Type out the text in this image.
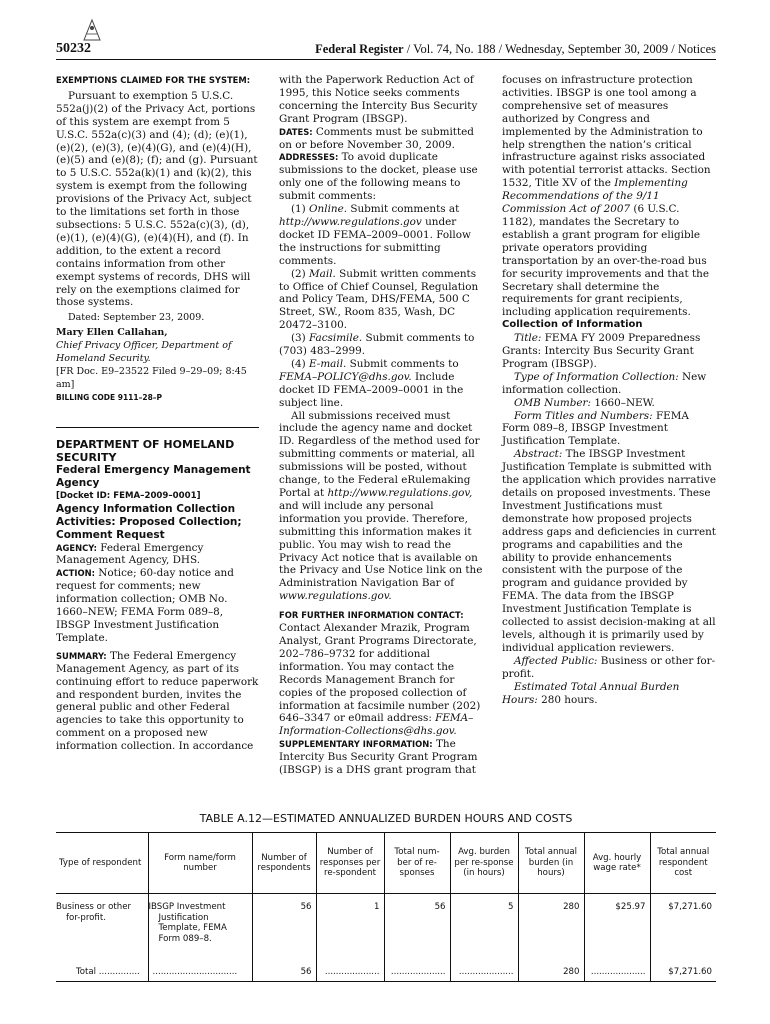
50232	Federal Register / Vol. 74, No. 188 / Wednesday, September 30, 2009 / Notices

EXEMPTIONS CLAIMED FOR THE SYSTEM:

Pursuant to exemption 5 U.S.C. 552a(j)(2) of the Privacy Act, portions of this system are exempt from 5 U.S.C. 552a(c)(3) and (4); (d); (e)(1), (e)(2), (e)(3), (e)(4)(G), and (e)(4)(H), (e)(5) and (e)(8); (f); and (g). Pursuant to 5 U.S.C. 552a(k)(1) and (k)(2), this system is exempt from the following provisions of the Privacy Act, subject to the limitations set forth in those subsections: 5 U.S.C. 552a(c)(3), (d), (e)(1), (e)(4)(G), (e)(4)(H), and (f). In addition, to the extent a record contains information from other exempt systems of records, DHS will rely on the exemptions claimed for those systems.

Dated: September 23, 2009.

Mary Ellen Callahan,

Chief Privacy Officer, Department of Homeland Security.

[FR Doc. E9–23522 Filed 9–29–09; 8:45 am]

BILLING CODE 9111–28–P

DEPARTMENT OF HOMELAND SECURITY

Federal Emergency Management Agency

[Docket ID: FEMA–2009–0001]

Agency Information Collection Activities: Proposed Collection; Comment Request

AGENCY: Federal Emergency Management Agency, DHS.

ACTION: Notice; 60-day notice and request for comments; new information collection; OMB No. 1660–NEW; FEMA Form 089–8, IBSGP Investment Justification Template.

SUMMARY: The Federal Emergency Management Agency, as part of its continuing effort to reduce paperwork and respondent burden, invites the general public and other Federal agencies to take this opportunity to comment on a proposed new information collection. In accordance

with the Paperwork Reduction Act of 1995, this Notice seeks comments concerning the Intercity Bus Security Grant Program (IBSGP).

DATES: Comments must be submitted on or before November 30, 2009.

ADDRESSES: To avoid duplicate submissions to the docket, please use only one of the following means to submit comments:

(1) Online. Submit comments at http://www.regulations.gov under docket ID FEMA–2009–0001. Follow the instructions for submitting comments.

(2) Mail. Submit written comments to Office of Chief Counsel, Regulation and Policy Team, DHS/FEMA, 500 C Street, SW., Room 835, Wash, DC 20472–3100.

(3) Facsimile. Submit comments to (703) 483–2999.

(4) E-mail. Submit comments to FEMA–POLICY@dhs.gov. Include docket ID FEMA–2009–0001 in the subject line.

All submissions received must include the agency name and docket ID. Regardless of the method used for submitting comments or material, all submissions will be posted, without change, to the Federal eRulemaking Portal at http://www.regulations.gov, and will include any personal information you provide. Therefore, submitting this information makes it public. You may wish to read the Privacy Act notice that is available on the Privacy and Use Notice link on the Administration Navigation Bar of www.regulations.gov.

FOR FURTHER INFORMATION CONTACT:

Contact Alexander Mrazik, Program Analyst, Grant Programs Directorate, 202–786–9732 for additional information. You may contact the Records Management Branch for copies of the proposed collection of information at facsimile number (202) 646–3347 or e0mail address: FEMA–Information-Collections@dhs.gov.

SUPPLEMENTARY INFORMATION: The Intercity Bus Security Grant Program (IBSGP) is a DHS grant program that

focuses on infrastructure protection activities. IBSGP is one tool among a comprehensive set of measures authorized by Congress and implemented by the Administration to help strengthen the nation’s critical infrastructure against risks associated with potential terrorist attacks. Section 1532, Title XV of the Implementing Recommendations of the 9/11 Commission Act of 2007 (6 U.S.C. 1182), mandates the Secretary to establish a grant program for eligible private operators providing transportation by an over-the-road bus for security improvements and that the Secretary shall determine the requirements for grant recipients, including application requirements.

Collection of Information

Title: FEMA FY 2009 Preparedness Grants: Intercity Bus Security Grant Program (IBSGP).

Type of Information Collection: New information collection.

OMB Number: 1660–NEW.

Form Titles and Numbers: FEMA Form 089–8, IBSGP Investment Justification Template.

Abstract: The IBSGP Investment Justification Template is submitted with the application which provides narrative details on proposed investments. These Investment Justifications must demonstrate how proposed projects address gaps and deficiencies in current programs and capabilities and the ability to provide enhancements consistent with the purpose of the program and guidance provided by FEMA. The data from the IBSGP Investment Justification Template is collected to assist decision-making at all levels, although it is primarily used by individual application reviewers.

Affected Public: Business or other for-profit.

Estimated Total Annual Burden Hours: 280 hours.

TABLE A.12—ESTIMATED ANNUALIZED BURDEN HOURS AND COSTS
Type of respondent	Form name/form number	Number of respondents	Number of responses per re-spondent	Total num-ber of re-sponses	Avg. burden per re-sponse (in hours)	Total annual burden (in hours)	Avg. hourly wage rate*	Total annual respondent cost
Business or other for-profit.	IBSGP Investment Justification Template, FEMA Form 089–8.	56	1	56	5	280	$25.97	$7,271.60
Total ...............	...............................	56	....................	....................	....................	280	....................	$7,271.60
